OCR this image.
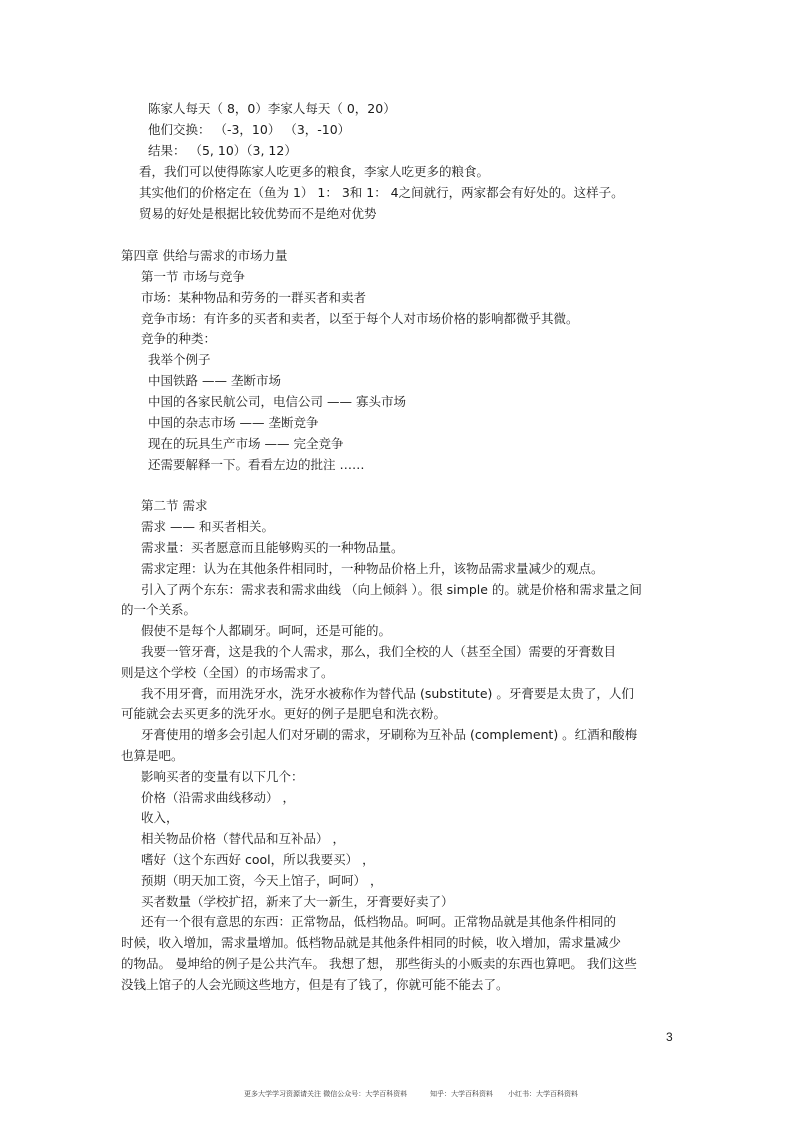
陈家人每天（ 8，0）李家人每天（ 0，20）
他们交换： （-3，10） （3，-10）
结果： （5, 10）（3, 12）
看，我们可以使得陈家人吃更多的粮食，李家人吃更多的粮食。
其实他们的价格定在（鱼为 1） 1： 3和 1： 4之间就行，两家都会有好处的。这样子。
贸易的好处是根据比较优势而不是绝对优势
第四章 供给与需求的市场力量
第一节 市场与竞争
市场：某种物品和劳务的一群买者和卖者
竞争市场：有许多的买者和卖者，以至于每个人对市场价格的影响都微乎其微。
竞争的种类：
我举个例子
中国铁路 —— 垄断市场
中国的各家民航公司，电信公司 —— 寡头市场
中国的杂志市场 —— 垄断竞争
现在的玩具生产市场 —— 完全竞争
还需要解释一下。看看左边的批注 ……
第二节 需求
需求 —— 和买者相关。
需求量：买者愿意而且能够购买的一种物品量。
需求定理：认为在其他条件相同时，一种物品价格上升，该物品需求量减少的观点。
引入了两个东东：需求表和需求曲线 （向上倾斜 ）。很 simple 的。就是价格和需求量之间
的一个关系。
假使不是每个人都刷牙。呵呵，还是可能的。
我要一管牙膏，这是我的个人需求，那么，我们全校的人（甚至全国）需要的牙膏数目
则是这个学校（全国）的市场需求了。
我不用牙膏，而用洗牙水，洗牙水被称作为替代品 (substitute) 。牙膏要是太贵了，人们
可能就会去买更多的洗牙水。更好的例子是肥皂和洗衣粉。
牙膏使用的增多会引起人们对牙刷的需求，牙刷称为互补品 (complement) 。红酒和酸梅
也算是吧。
影响买者的变量有以下几个：
价格（沿需求曲线移动） ，
收入，
相关物品价格（替代品和互补品） ，
嗜好（这个东西好 cool，所以我要买） ，
预期（明天加工资，今天上馆子，呵呵） ，
买者数量（学校扩招，新来了大一新生，牙膏要好卖了）
还有一个很有意思的东西：正常物品，低档物品。呵呵。正常物品就是其他条件相同的
时候，收入增加，需求量增加。低档物品就是其他条件相同的时候，收入增加，需求量减少
的物品。 曼坤给的例子是公共汽车。 我想了想， 那些街头的小贩卖的东西也算吧。 我们这些
没钱上馆子的人会光顾这些地方，但是有了钱了，你就可能不能去了。
3
更多大学学习资源请关注 微信公众号：大学百科资料	知乎：大学百科资料 小红书：大学百科资料
